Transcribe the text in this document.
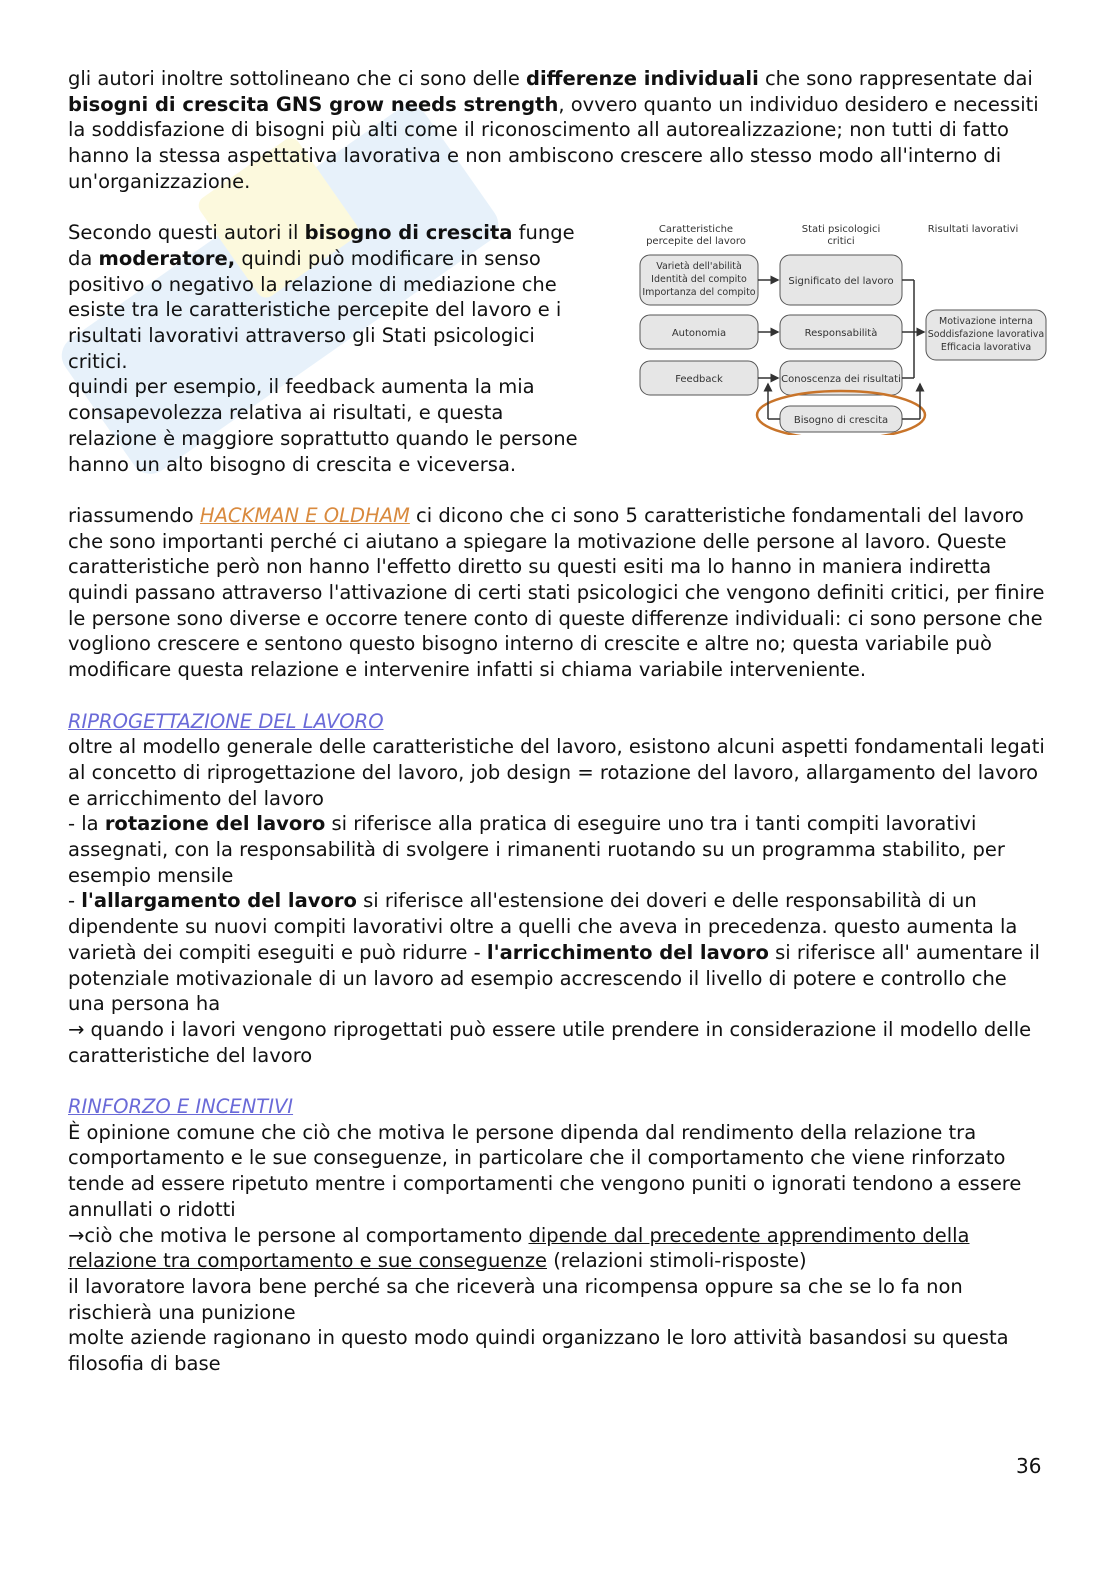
gli autori inoltre sottolineano che ci sono delle differenze individuali che sono rappresentate dai bisogni di crescita GNS grow needs strength, ovvero quanto un individuo desidero e necessiti la soddisfazione di bisogni più alti come il riconoscimento all autorealizzazione; non tutti di fatto hanno la stessa aspettativa lavorativa e non ambiscono crescere allo stesso modo all'interno di un'organizzazione.

Secondo questi autori il bisogno di crescita funge da moderatore, quindi può modificare in senso positivo o negativo la relazione di mediazione che esiste tra le caratteristiche percepite del lavoro e i risultati lavorativi attraverso gli Stati psicologici critici.

quindi per esempio, il feedback aumenta la mia consapevolezza relativa ai risultati, e questa relazione è maggiore soprattutto quando le persone hanno un alto bisogno di crescita e viceversa.

Caratteristiche
percepite del lavoro
Stati psicologici
critici
Risultati lavorativi
Varietà dell'abilità
Identità del compito
Importanza del compito
Autonomia
Feedback
Significato del lavoro
Responsabilità
Conoscenza dei risultati
Bisogno di crescita
Motivazione interna
Soddisfazione lavorativa
Efficacia lavorativa

riassumendo HACKMAN E OLDHAM ci dicono che ci sono 5 caratteristiche fondamentali del lavoro che sono importanti perché ci aiutano a spiegare la motivazione delle persone al lavoro. Queste caratteristiche però non hanno l'effetto diretto su questi esiti ma lo hanno in maniera indiretta quindi passano attraverso l'attivazione di certi stati psicologici che vengono definiti critici, per finire le persone sono diverse e occorre tenere conto di queste differenze individuali: ci sono persone che vogliono crescere e sentono questo bisogno interno di crescite e altre no; questa variabile può modificare questa relazione e intervenire infatti si chiama variabile interveniente.

RIPROGETTAZIONE DEL LAVORO

oltre al modello generale delle caratteristiche del lavoro, esistono alcuni aspetti fondamentali legati al concetto di riprogettazione del lavoro, job design = rotazione del lavoro, allargamento del lavoro e arricchimento del lavoro

- la rotazione del lavoro si riferisce alla pratica di eseguire uno tra i tanti compiti lavorativi assegnati, con la responsabilità di svolgere i rimanenti ruotando su un programma stabilito, per esempio mensile

- l'allargamento del lavoro si riferisce all'estensione dei doveri e delle responsabilità di un dipendente su nuovi compiti lavorativi oltre a quelli che aveva in precedenza. questo aumenta la varietà dei compiti eseguiti e può ridurre - l'arricchimento del lavoro si riferisce all' aumentare il potenziale motivazionale di un lavoro ad esempio accrescendo il livello di potere e controllo che una persona ha

→ quando i lavori vengono riprogettati può essere utile prendere in considerazione il modello delle caratteristiche del lavoro

RINFORZO E INCENTIVI

È opinione comune che ciò che motiva le persone dipenda dal rendimento della relazione tra comportamento e le sue conseguenze, in particolare che il comportamento che viene rinforzato tende ad essere ripetuto mentre i comportamenti che vengono puniti o ignorati tendono a essere annullati o ridotti

→ciò che motiva le persone al comportamento dipende dal precedente apprendimento della relazione tra comportamento e sue conseguenze (relazioni stimoli-risposte)

il lavoratore lavora bene perché sa che riceverà una ricompensa oppure sa che se lo fa non rischierà una punizione

molte aziende ragionano in questo modo quindi organizzano le loro attività basandosi su questa filosofia di base

36
